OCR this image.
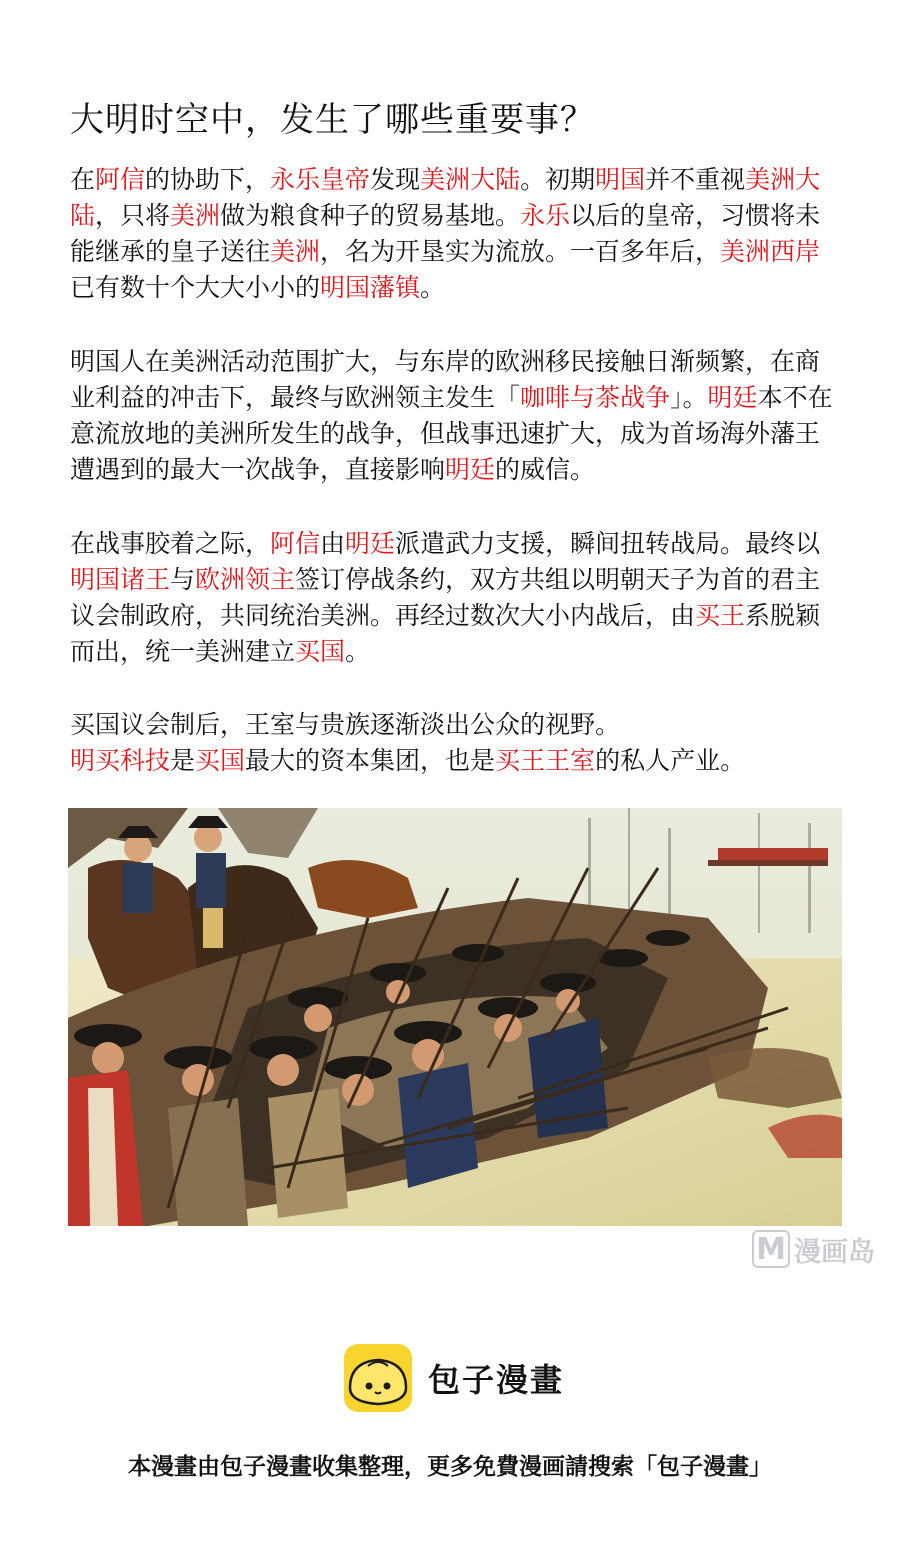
大明时空中，发生了哪些重要事？

在阿信的协助下，永乐皇帝发现美洲大陆。初期明国并不重视美洲大陆，只将美洲做为粮食种子的贸易基地。永乐以后的皇帝，习惯将未能继承的皇子送往美洲，名为开垦实为流放。一百多年后，美洲西岸已有数十个大大小小的明国藩镇。

明国人在美洲活动范围扩大，与东岸的欧洲移民接触日渐频繁，在商业利益的冲击下，最终与欧洲领主发生「咖啡与茶战争」。明廷本不在意流放地的美洲所发生的战争，但战事迅速扩大，成为首场海外藩王遭遇到的最大一次战争，直接影响明廷的威信。

在战事胶着之际，阿信由明廷派遣武力支援，瞬间扭转战局。最终以明国诸王与欧洲领主签订停战条约，双方共组以明朝天子为首的君主议会制政府，共同统治美洲。再经过数次大小内战后，由买王系脱颖而出，统一美洲建立买国。

买国议会制后，王室与贵族逐渐淡出公众的视野。
明买科技是买国最大的资本集团，也是买王王室的私人产业。

M 漫画岛
包子漫畫
本漫畫由包子漫畫收集整理，更多免費漫画請搜索「包子漫畫」
